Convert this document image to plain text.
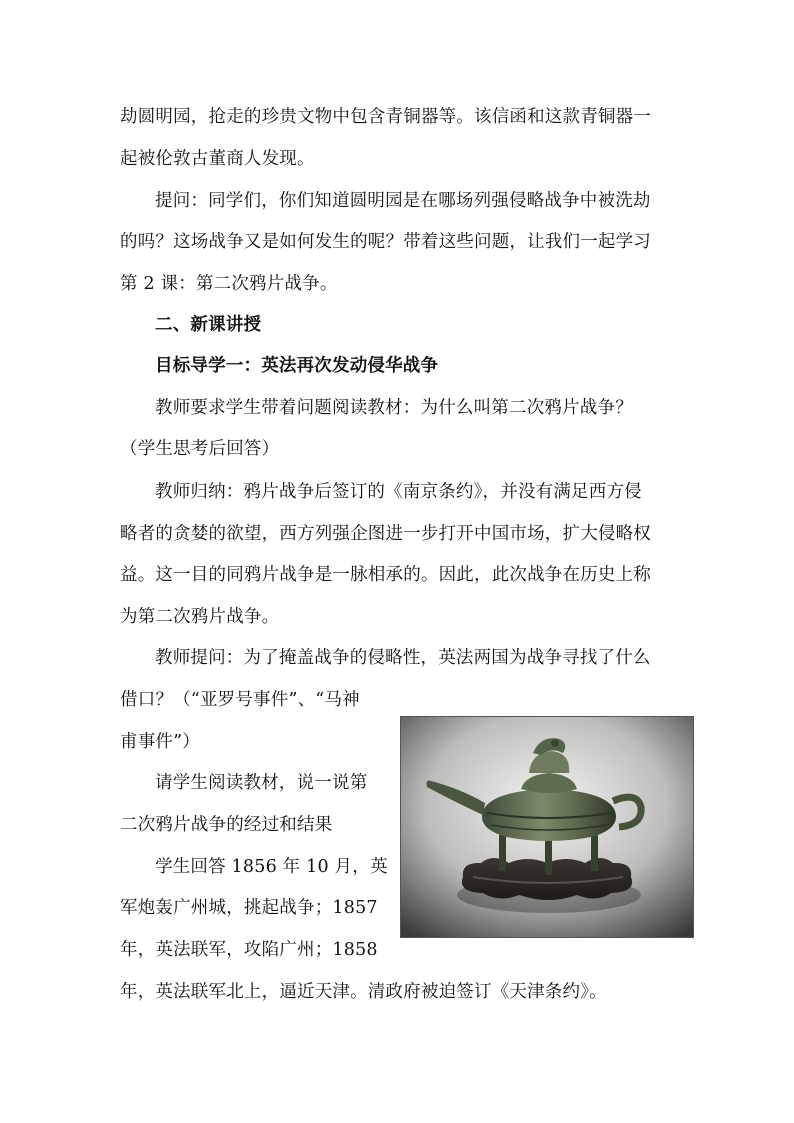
劫圆明园，抢走的珍贵文物中包含青铜器等。该信函和这款青铜器一
起被伦敦古董商人发现。
提问：同学们，你们知道圆明园是在哪场列强侵略战争中被洗劫
的吗？这场战争又是如何发生的呢？带着这些问题，让我们一起学习
第 2 课：第二次鸦片战争。
二、新课讲授
目标导学一：英法再次发动侵华战争
教师要求学生带着问题阅读教材：为什么叫第二次鸦片战争？
（学生思考后回答）
教师归纳：鸦片战争后签订的《南京条约》，并没有满足西方侵
略者的贪婪的欲望，西方列强企图进一步打开中国市场，扩大侵略权
益。这一目的同鸦片战争是一脉相承的。因此，此次战争在历史上称
为第二次鸦片战争。
教师提问：为了掩盖战争的侵略性，英法两国为战争寻找了什么
借口？（“亚罗号事件”、“马神
甫事件”）
请学生阅读教材，说一说第
二次鸦片战争的经过和结果
学生回答 1856 年 10 月，英
军炮轰广州城，挑起战争；1857
年，英法联军，攻陷广州；1858
年，英法联军北上，逼近天津。清政府被迫签订《天津条约》。
